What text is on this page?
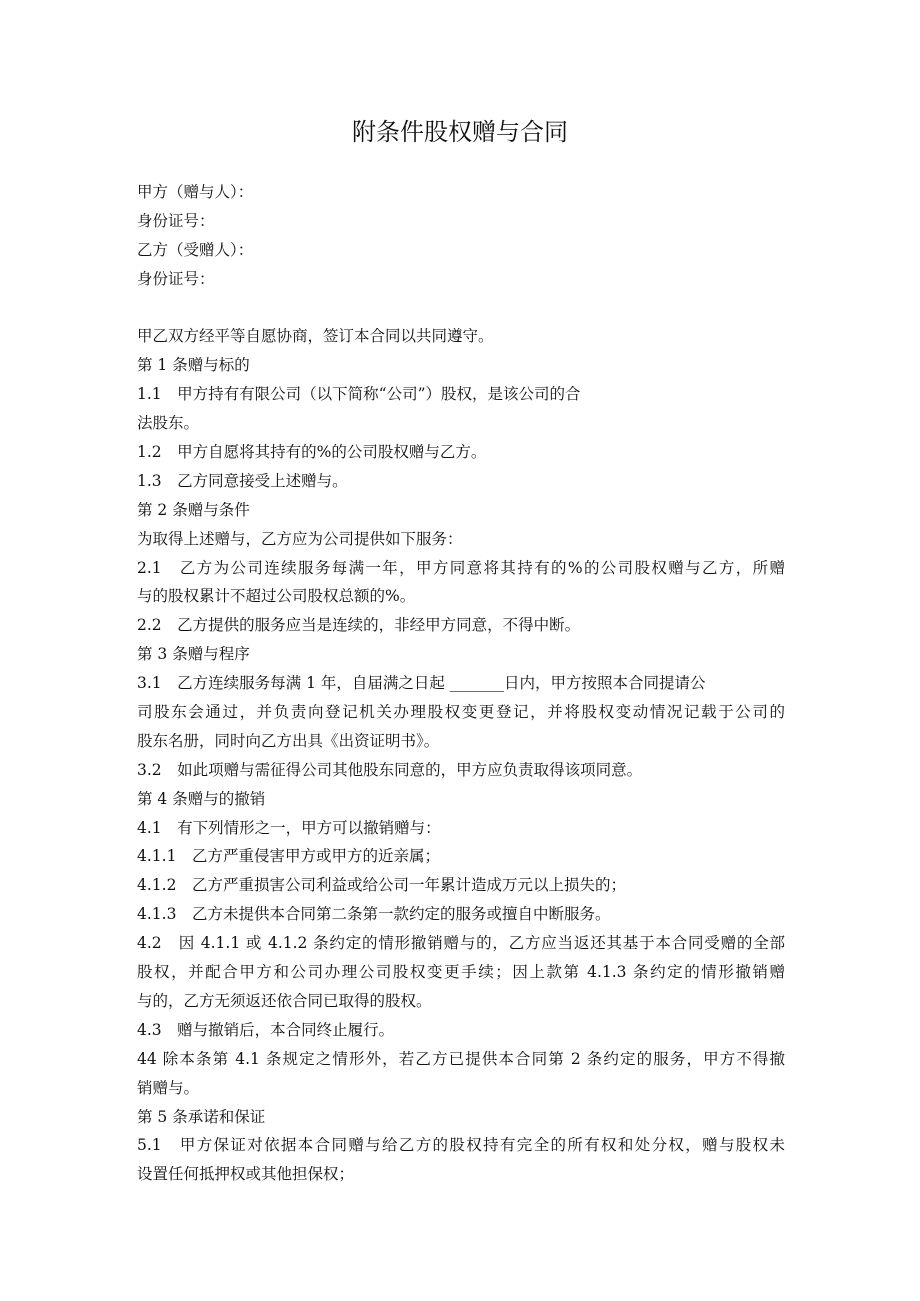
附条件股权赠与合同
甲方（赠与人）：
身份证号：
乙方（受赠人）：
身份证号：
甲乙双方经平等自愿协商，签订本合同以共同遵守。
第 1 条赠与标的
1.1　甲方持有有限公司（以下简称“公司”）股权，是该公司的合
法股东。
1.2　甲方自愿将其持有的%的公司股权赠与乙方。
1.3　乙方同意接受上述赠与。
第 2 条赠与条件
为取得上述赠与，乙方应为公司提供如下服务：
2.1　乙方为公司连续服务每满一年，甲方同意将其持有的%的公司股权赠与乙方，所赠
与的股权累计不超过公司股权总额的%。
2.2　乙方提供的服务应当是连续的，非经甲方同意，不得中断。
第 3 条赠与程序
3.1　乙方连续服务每满 1 年，自届满之日起 _______日内，甲方按照本合同提请公
司股东会通过，并负责向登记机关办理股权变更登记，并将股权变动情况记载于公司的
股东名册，同时向乙方出具《出资证明书》。
3.2　如此项赠与需征得公司其他股东同意的，甲方应负责取得该项同意。
第 4 条赠与的撤销
4.1　有下列情形之一，甲方可以撤销赠与：
4.1.1　乙方严重侵害甲方或甲方的近亲属；
4.1.2　乙方严重损害公司利益或给公司一年累计造成万元以上损失的；
4.1.3　乙方未提供本合同第二条第一款约定的服务或擅自中断服务。
4.2　因 4.1.1 或 4.1.2 条约定的情形撤销赠与的，乙方应当返还其基于本合同受赠的全部
股权，并配合甲方和公司办理公司股权变更手续；因上款第 4.1.3 条约定的情形撤销赠
与的，乙方无须返还依合同已取得的股权。
4.3　赠与撤销后，本合同终止履行。
44 除本条第 4.1 条规定之情形外，若乙方已提供本合同第 2 条约定的服务，甲方不得撤
销赠与。
第 5 条承诺和保证
5.1　甲方保证对依据本合同赠与给乙方的股权持有完全的所有权和处分权，赠与股权未
设置任何抵押权或其他担保权；
